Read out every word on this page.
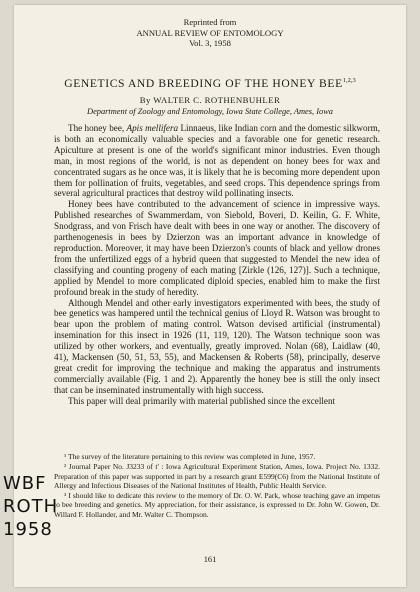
Reprinted from
ANNUAL REVIEW OF ENTOMOLOGY
Vol. 3, 1958
GENETICS AND BREEDING OF THE HONEY BEE$^{1,2,3}$
By WALTER C. ROTHENBUHLER
Department of Zoology and Entomology, Iowa State College, Ames, Iowa

The honey bee, Apis mellifera Linnaeus, like Indian corn and the domestic silkworm, is both an economically valuable species and a favorable one for genetic research. Apiculture at present is one of the world's significant minor industries. Even though man, in most regions of the world, is not as dependent on honey bees for wax and concentrated sugars as he once was, it is likely that he is becoming more dependent upon them for pollination of fruits, vegetables, and seed crops. This dependence springs from several agricultural practices that destroy wild pollinating insects.

Honey bees have contributed to the advancement of science in impressive ways. Published researches of Swammerdam, von Siebold, Boveri, D. Keilin, G. F. White, Snodgrass, and von Frisch have dealt with bees in one way or another. The discovery of parthenogenesis in bees by Dzierzon was an important advance in knowledge of reproduction. Moreover, it may have been Dzierzon's counts of black and yellow drones from the unfertilized eggs of a hybrid queen that suggested to Mendel the new idea of classifying and counting progeny of each mating [Zirkle (126, 127)]. Such a technique, applied by Mendel to more complicated diploid species, enabled him to make the first profound break in the study of heredity.

Although Mendel and other early investigators experimented with bees, the study of bee genetics was hampered until the technical genius of Lloyd R. Watson was brought to bear upon the problem of mating control. Watson devised artificial (instrumental) insemination for this insect in 1926 (11, 119, 120). The Watson technique soon was utilized by other workers, and eventually, greatly improved. Nolan (68), Laidlaw (40, 41), Mackensen (50, 51, 53, 55), and Mackensen & Roberts (58), principally, deserve great credit for improving the technique and making the apparatus and instruments commercially available (Fig. 1 and 2). Apparently the honey bee is still the only insect that can be inseminated instrumentally with high success.

This paper will deal primarily with material published since the excellent

¹ The survey of the literature pertaining to this review was completed in June, 1957.

² Journal Paper No. J3233 of t' : Iowa Agricultural Experiment Station, Ames, Iowa. Project No. 1332. Preparation of this paper was supported in part by a research grant E599(C6) from the National Institute of Allergy and Infectious Diseases of the National Institutes of Health, Public Health Service.

³ I should like to dedicate this review to the memory of Dr. O. W. Park, whose teaching gave an impetus to bee breeding and genetics. My appreciation, for their assistance, is expressed to Dr. John W. Gowen, Dr. Willard F. Hollander, and Mr. Walter C. Thompson.

161
WBF
ROTH
1958
